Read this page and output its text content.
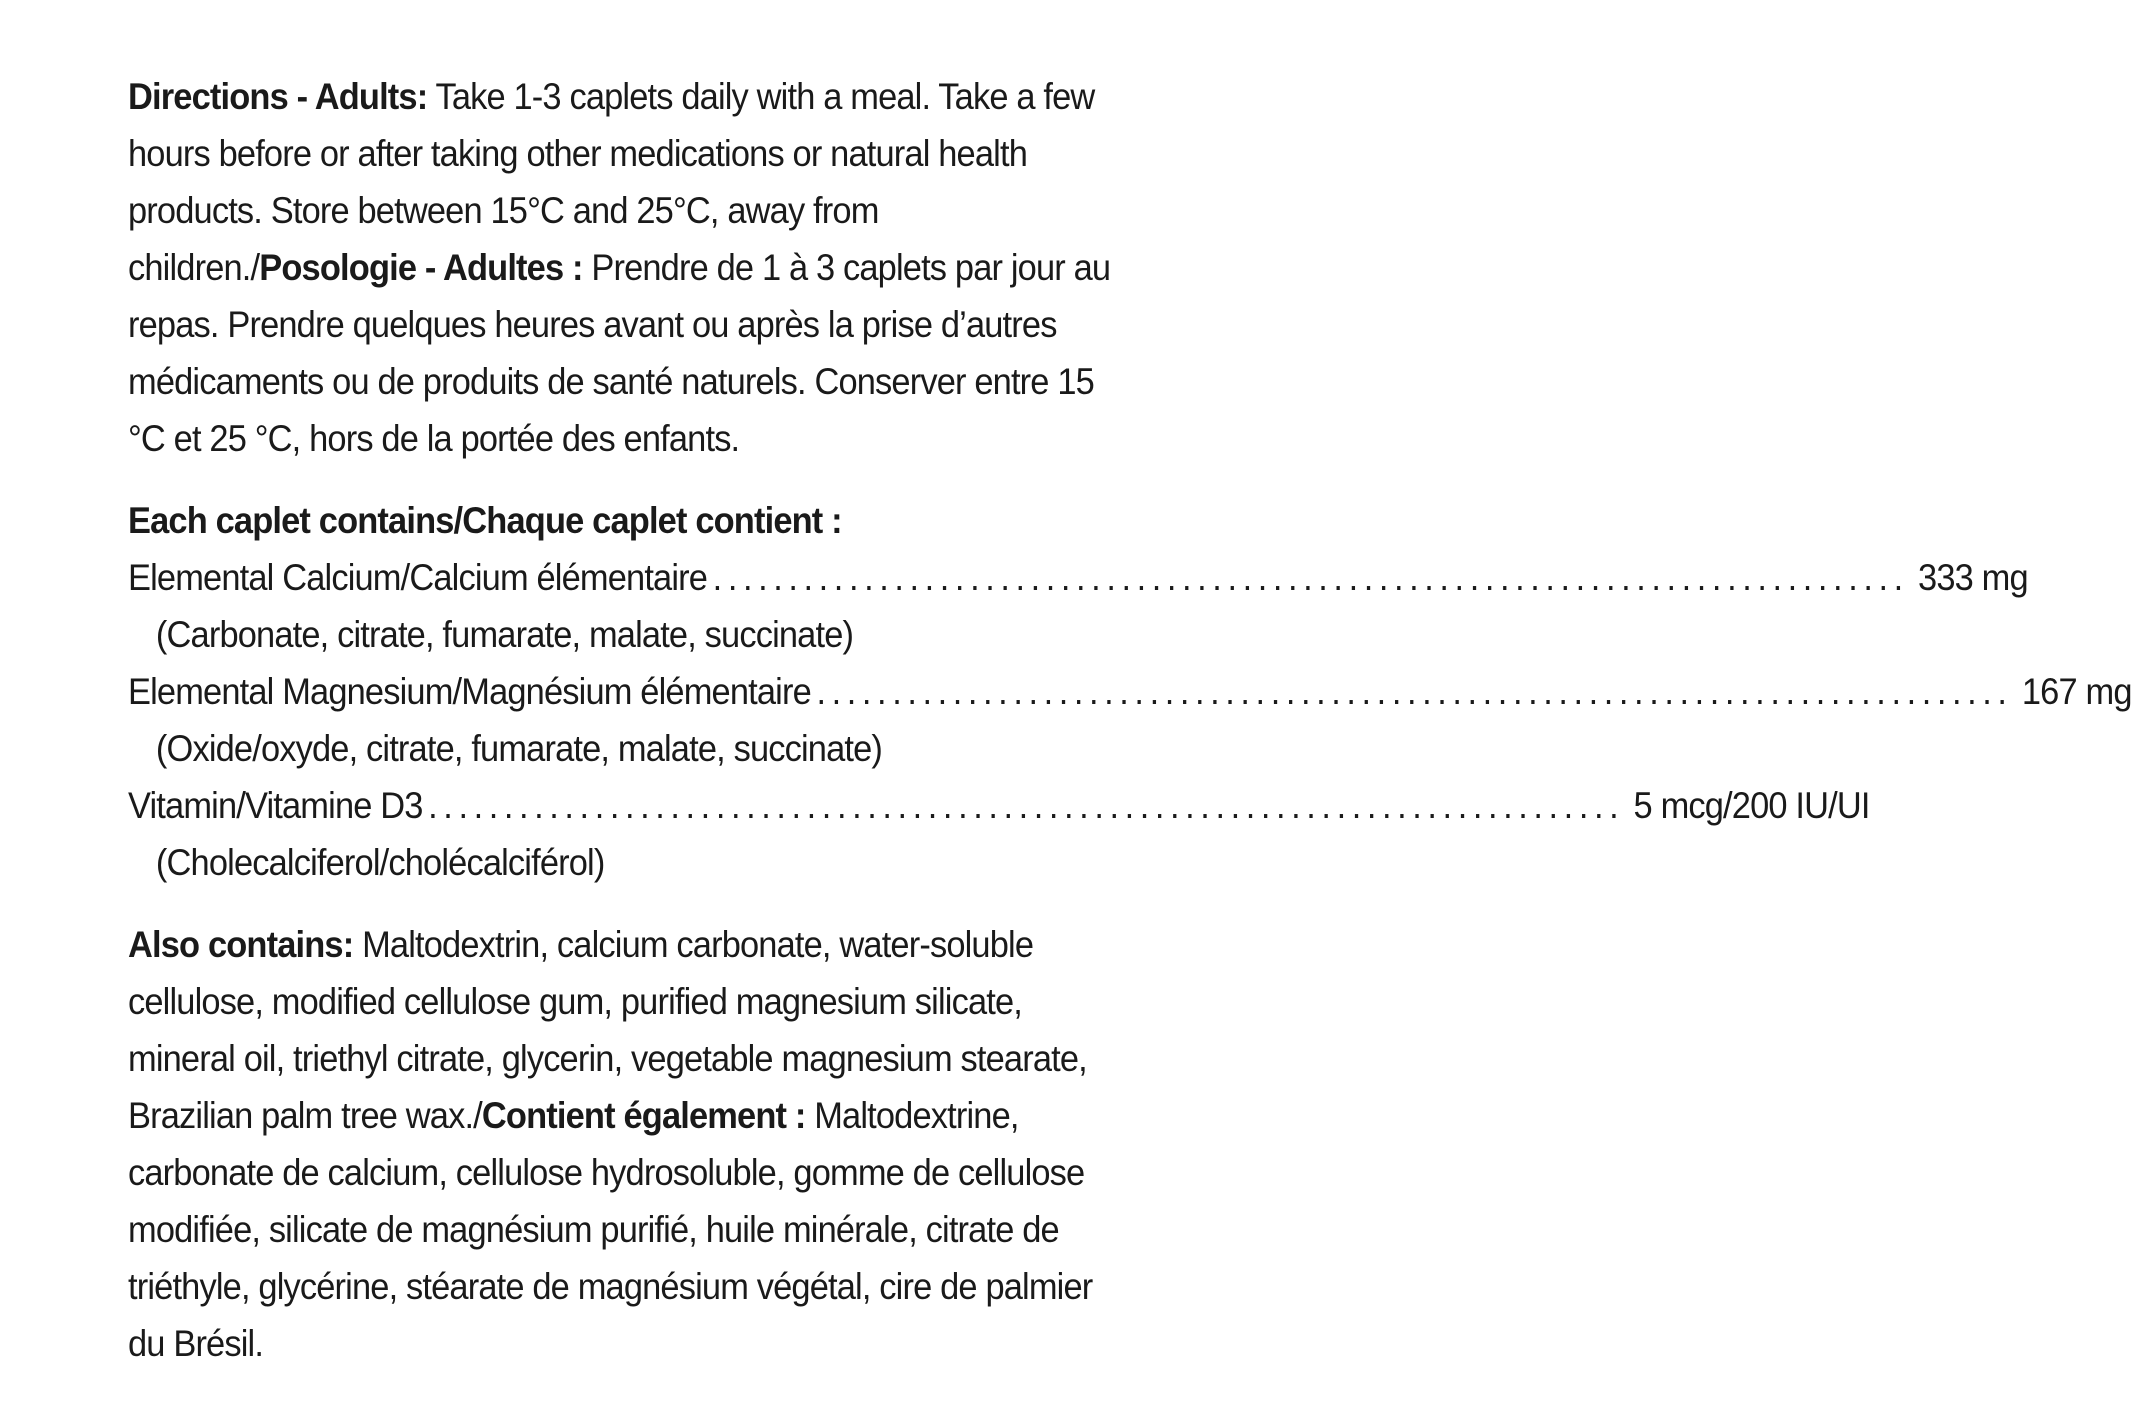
Directions - Adults: Take 1-3 caplets daily with a meal. Take a few hours before or after taking other medications or natural health products. Store between 15°C and 25°C, away from children./Posologie - Adultes : Prendre de 1 à 3 caplets par jour au repas. Prendre quelques heures avant ou après la prise d’autres médicaments ou de produits de santé naturels. Conserver entre 15 °C et 25 °C, hors de la portée des enfants.

Each caplet contains/Chaque caplet contient :
Elemental Calcium/Calcium élémentaire ............................................................................... 333 mg
(Carbonate, citrate, fumarate, malate, succinate)
Elemental Magnesium/Magnésium élémentaire ............................................................................... 167 mg
(Oxide/oxyde, citrate, fumarate, malate, succinate)
Vitamin/Vitamine D3 ............................................................................... 5 mcg/200 IU/UI
(Cholecalciferol/cholécalciférol)

Also contains: Maltodextrin, calcium carbonate, water-soluble cellulose, modified cellulose gum, purified magnesium silicate, mineral oil, triethyl citrate, glycerin, vegetable magnesium stearate, Brazilian palm tree wax./Contient également : Maltodextrine, carbonate de calcium, cellulose hydrosoluble, gomme de cellulose modifiée, silicate de magnésium purifié, huile minérale, citrate de triéthyle, glycérine, stéarate de magnésium végétal, cire de palmier du Brésil.
